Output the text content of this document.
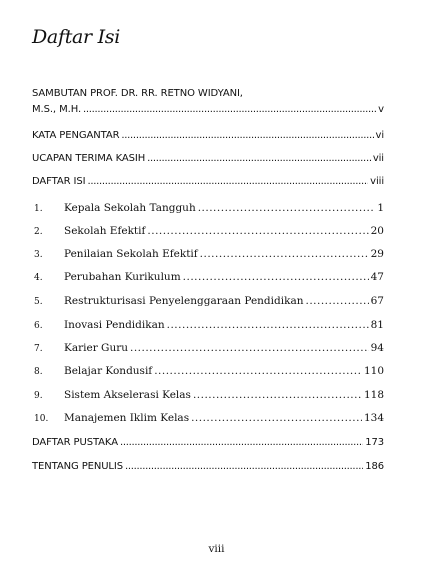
Daftar Isi
SAMBUTAN PROF. DR. RR. RETNO WIDYANI,
M.S., M.H. .....	v
KATA PENGANTAR .....	vi
UCAPAN TERIMA KASIH .....	vii
DAFTAR ISI .....	viii
1.	Kepala Sekolah Tangguh .....	1
2.	Sekolah Efektif .....	20
3.	Penilaian Sekolah Efektif .....	29
4.	Perubahan Kurikulum .....	47
5.	Restrukturisasi Penyelenggaraan Pendidikan .....	67
6.	Inovasi Pendidikan .....	81
7.	Karier Guru .....	94
8.	Belajar Kondusif .....	110
9.	Sistem Akselerasi Kelas .....	118
10.	Manajemen Iklim Kelas .....	134
DAFTAR PUSTAKA .....	173
TENTANG PENULIS .....	186
viii
